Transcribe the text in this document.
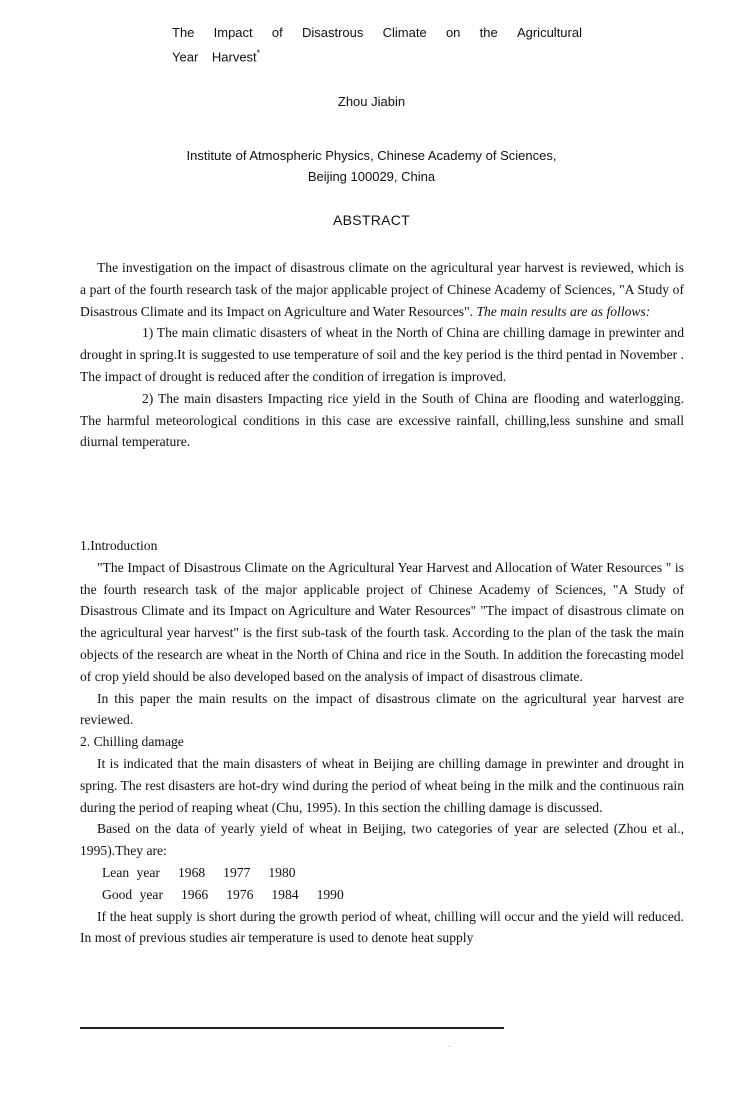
The Impact of Disastrous Climate on the Agricultural
Year Harvest*
Zhou Jiabin
Institute of Atmospheric Physics, Chinese Academy of Sciences,
Beijing 100029, China
ABSTRACT

The investigation on the impact of disastrous climate on the agricultural year harvest is reviewed, which is a part of the fourth research task of the major applicable project of Chinese Academy of Sciences, "A Study of Disastrous Climate and its Impact on Agriculture and Water Resources". The main results are as follows:

1) The main climatic disasters of wheat in the North of China are chilling damage in prewinter and drought in spring.It is suggested to use temperature of soil and the key period is the third pentad in November . The impact of drought is reduced after the condition of irregation is improved.

2) The main disasters Impacting rice yield in the South of China are flooding and waterlogging. The harmful meteorological conditions in this case are excessive rainfall, chilling,less sunshine and small diurnal temperature.

1.Introduction

"The Impact of Disastrous Climate on the Agricultural Year Harvest and Allocation of Water Resources " is the fourth research task of the major applicable project of Chinese Academy of Sciences, "A Study of Disastrous Climate and its Impact on Agriculture and Water Resources" "The impact of disastrous climate on the agricultural year harvest" is the first sub-task of the fourth task. According to the plan of the task the main objects of the research are wheat in the North of China and rice in the South. In addition the forecasting model of crop yield should be also developed based on the analysis of impact of disastrous climate.

In this paper the main results on the impact of disastrous climate on the agricultural year harvest are reviewed.

2. Chilling damage

It is indicated that the main disasters of wheat in Beijing are chilling damage in prewinter and drought in spring. The rest disasters are hot-dry wind during the period of wheat being in the milk and the continuous rain during the period of reaping wheat (Chu, 1995). In this section the chilling damage is discussed.

Based on the data of yearly yield of wheat in Beijing, two categories of year are selected (Zhou et al., 1995).They are:

Lean year 1968 1977 1980

Good year 1966 1976 1984 1990

If the heat supply is short during the growth period of wheat, chilling will occur and the yield will reduced. In most of previous studies air temperature is used to denote heat supply
